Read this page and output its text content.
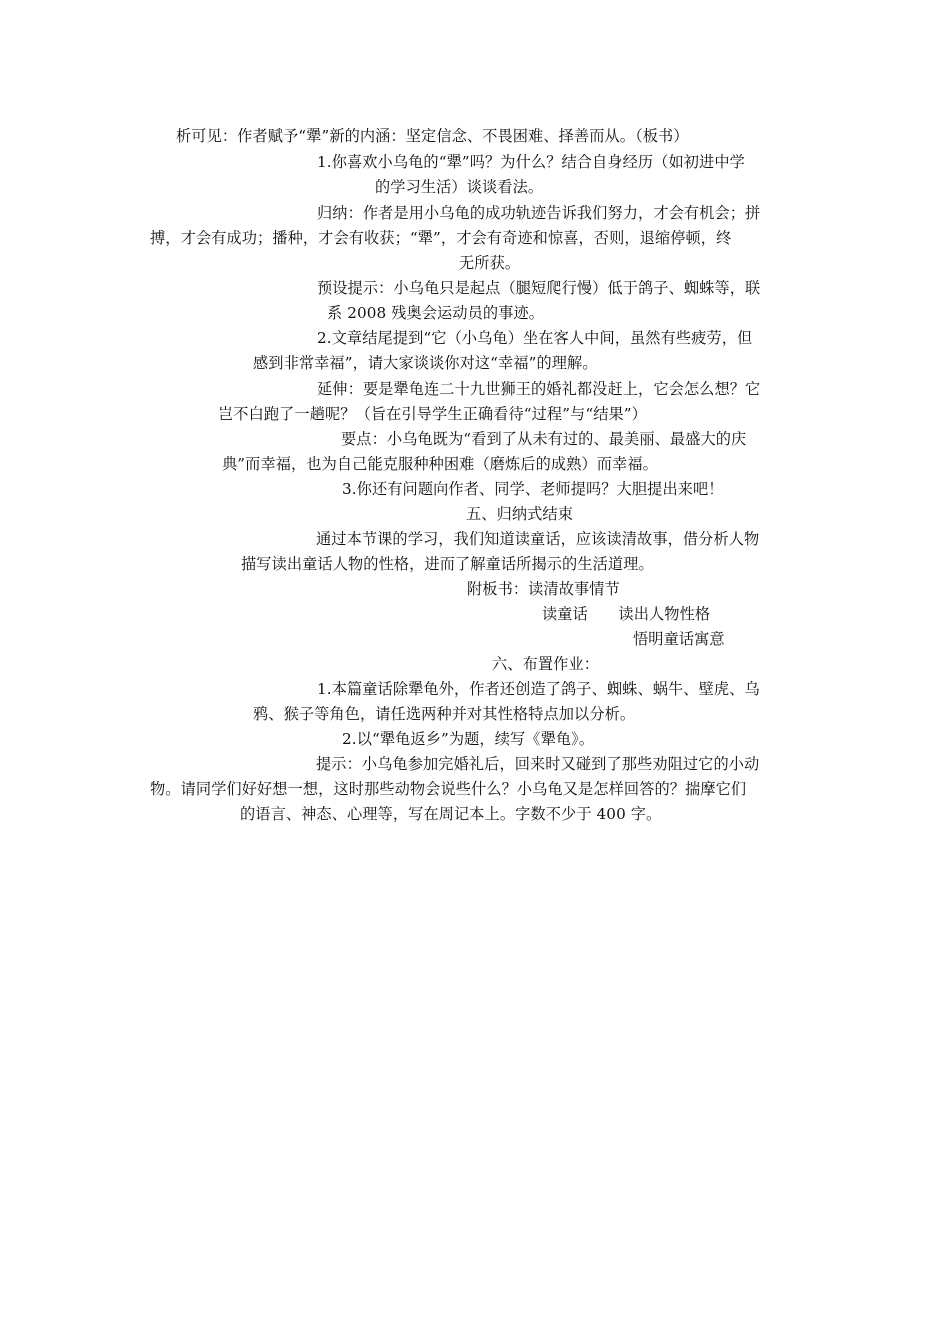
析可见：作者赋予“犟”新的内涵：坚定信念、不畏困难、择善而从。（板书）
1.你喜欢小乌龟的“犟”吗？为什么？结合自身经历（如初进中学
的学习生活）谈谈看法。
归纳：作者是用小乌龟的成功轨迹告诉我们努力，才会有机会；拼
搏，才会有成功；播种，才会有收获；“犟”，才会有奇迹和惊喜，否则，退缩停顿，终
无所获。
预设提示：小乌龟只是起点（腿短爬行慢）低于鸽子、蜘蛛等，联
系 2008 残奥会运动员的事迹。
2.文章结尾提到“它（小乌龟）坐在客人中间，虽然有些疲劳，但
感到非常幸福”，请大家谈谈你对这“幸福”的理解。
延伸：要是犟龟连二十九世狮王的婚礼都没赶上，它会怎么想？它
岂不白跑了一趟呢？（旨在引导学生正确看待“过程”与“结果”）
要点：小乌龟既为“看到了从未有过的、最美丽、最盛大的庆
典”而幸福，也为自己能克服种种困难（磨炼后的成熟）而幸福。
3.你还有问题向作者、同学、老师提吗？大胆提出来吧！
五、归纳式结束
通过本节课的学习，我们知道读童话，应该读清故事，借分析人物
描写读出童话人物的性格，进而了解童话所揭示的生活道理。
附板书：读清故事情节
读童话　　读出人物性格
悟明童话寓意
六、布置作业：
1.本篇童话除犟龟外，作者还创造了鸽子、蜘蛛、蜗牛、壁虎、乌
鸦、猴子等角色，请任选两种并对其性格特点加以分析。
2.以“犟龟返乡”为题，续写《犟龟》。
提示：小乌龟参加完婚礼后，回来时又碰到了那些劝阻过它的小动
物。请同学们好好想一想，这时那些动物会说些什么？小乌龟又是怎样回答的？揣摩它们
的语言、神态、心理等，写在周记本上。字数不少于 400 字。
